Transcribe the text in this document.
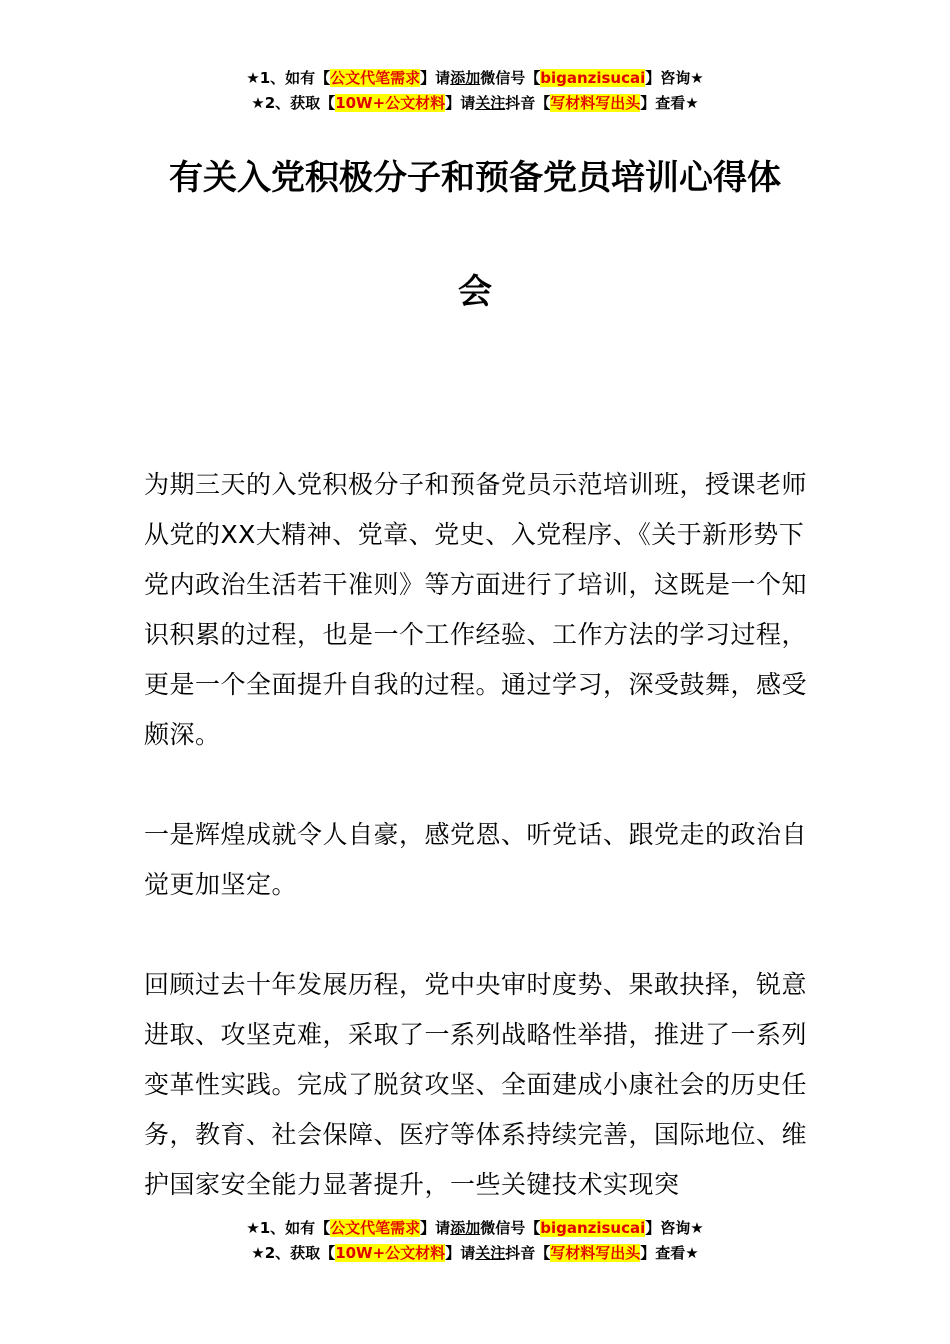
★1、如有【公文代笔需求】请添加微信号【biganzisucai】咨询★
★2、获取【10W+公文材料】请关注抖音【写材料写出头】查看★
有关入党积极分子和预备党员培训心得体
会

为期三天的入党积极分子和预备党员示范培训班，授课老师从党的XX大精神、党章、党史、入党程序、《关于新形势下党内政治生活若干准则》等方面进行了培训，这既是一个知识积累的过程，也是一个工作经验、工作方法的学习过程，更是一个全面提升自我的过程。通过学习，深受鼓舞，感受颇深。

一是辉煌成就令人自豪，感党恩、听党话、跟党走的政治自觉更加坚定。

回顾过去十年发展历程，党中央审时度势、果敢抉择，锐意进取、攻坚克难，采取了一系列战略性举措，推进了一系列变革性实践。完成了脱贫攻坚、全面建成小康社会的历史任务，教育、社会保障、医疗等体系持续完善，国际地位、维护国家安全能力显著提升，一些关键技术实现突

★1、如有【公文代笔需求】请添加微信号【biganzisucai】咨询★
★2、获取【10W+公文材料】请关注抖音【写材料写出头】查看★
